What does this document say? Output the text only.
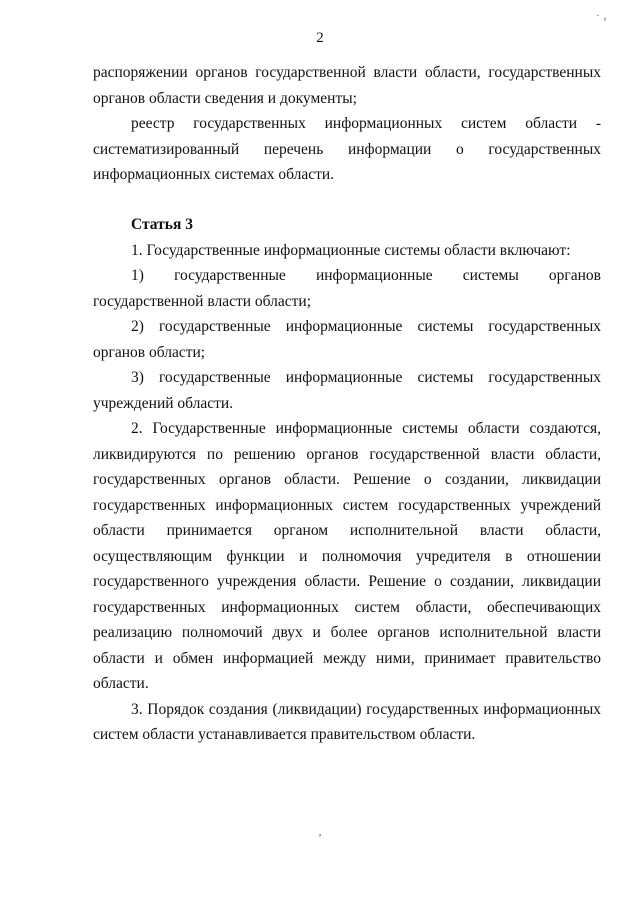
· ‚
2

распоряжении органов государственной власти области, государственных органов области сведения и документы;

реестр государственных информационных систем области - систематизированный перечень информации о государственных информационных системах области.

Статья 3

1. Государственные информационные системы области включают:

1) государственные информационные системы органов государственной власти области;

2) государственные информационные системы государственных органов области;

3) государственные информационные системы государственных учреждений области.

2. Государственные информационные системы области создаются, ликвидируются по решению органов государственной власти области, государственных органов области. Решение о создании, ликвидации государственных информационных систем государственных учреждений области принимается органом исполнительной власти области, осуществляющим функции и полномочия учредителя в отношении государственного учреждения области. Решение о создании, ликвидации государственных информационных систем области, обеспечивающих реализацию полномочий двух и более органов исполнительной власти области и обмен информацией между ними, принимает правительство области.

3. Порядок создания (ликвидации) государственных информационных систем области устанавливается правительством области.

‚
